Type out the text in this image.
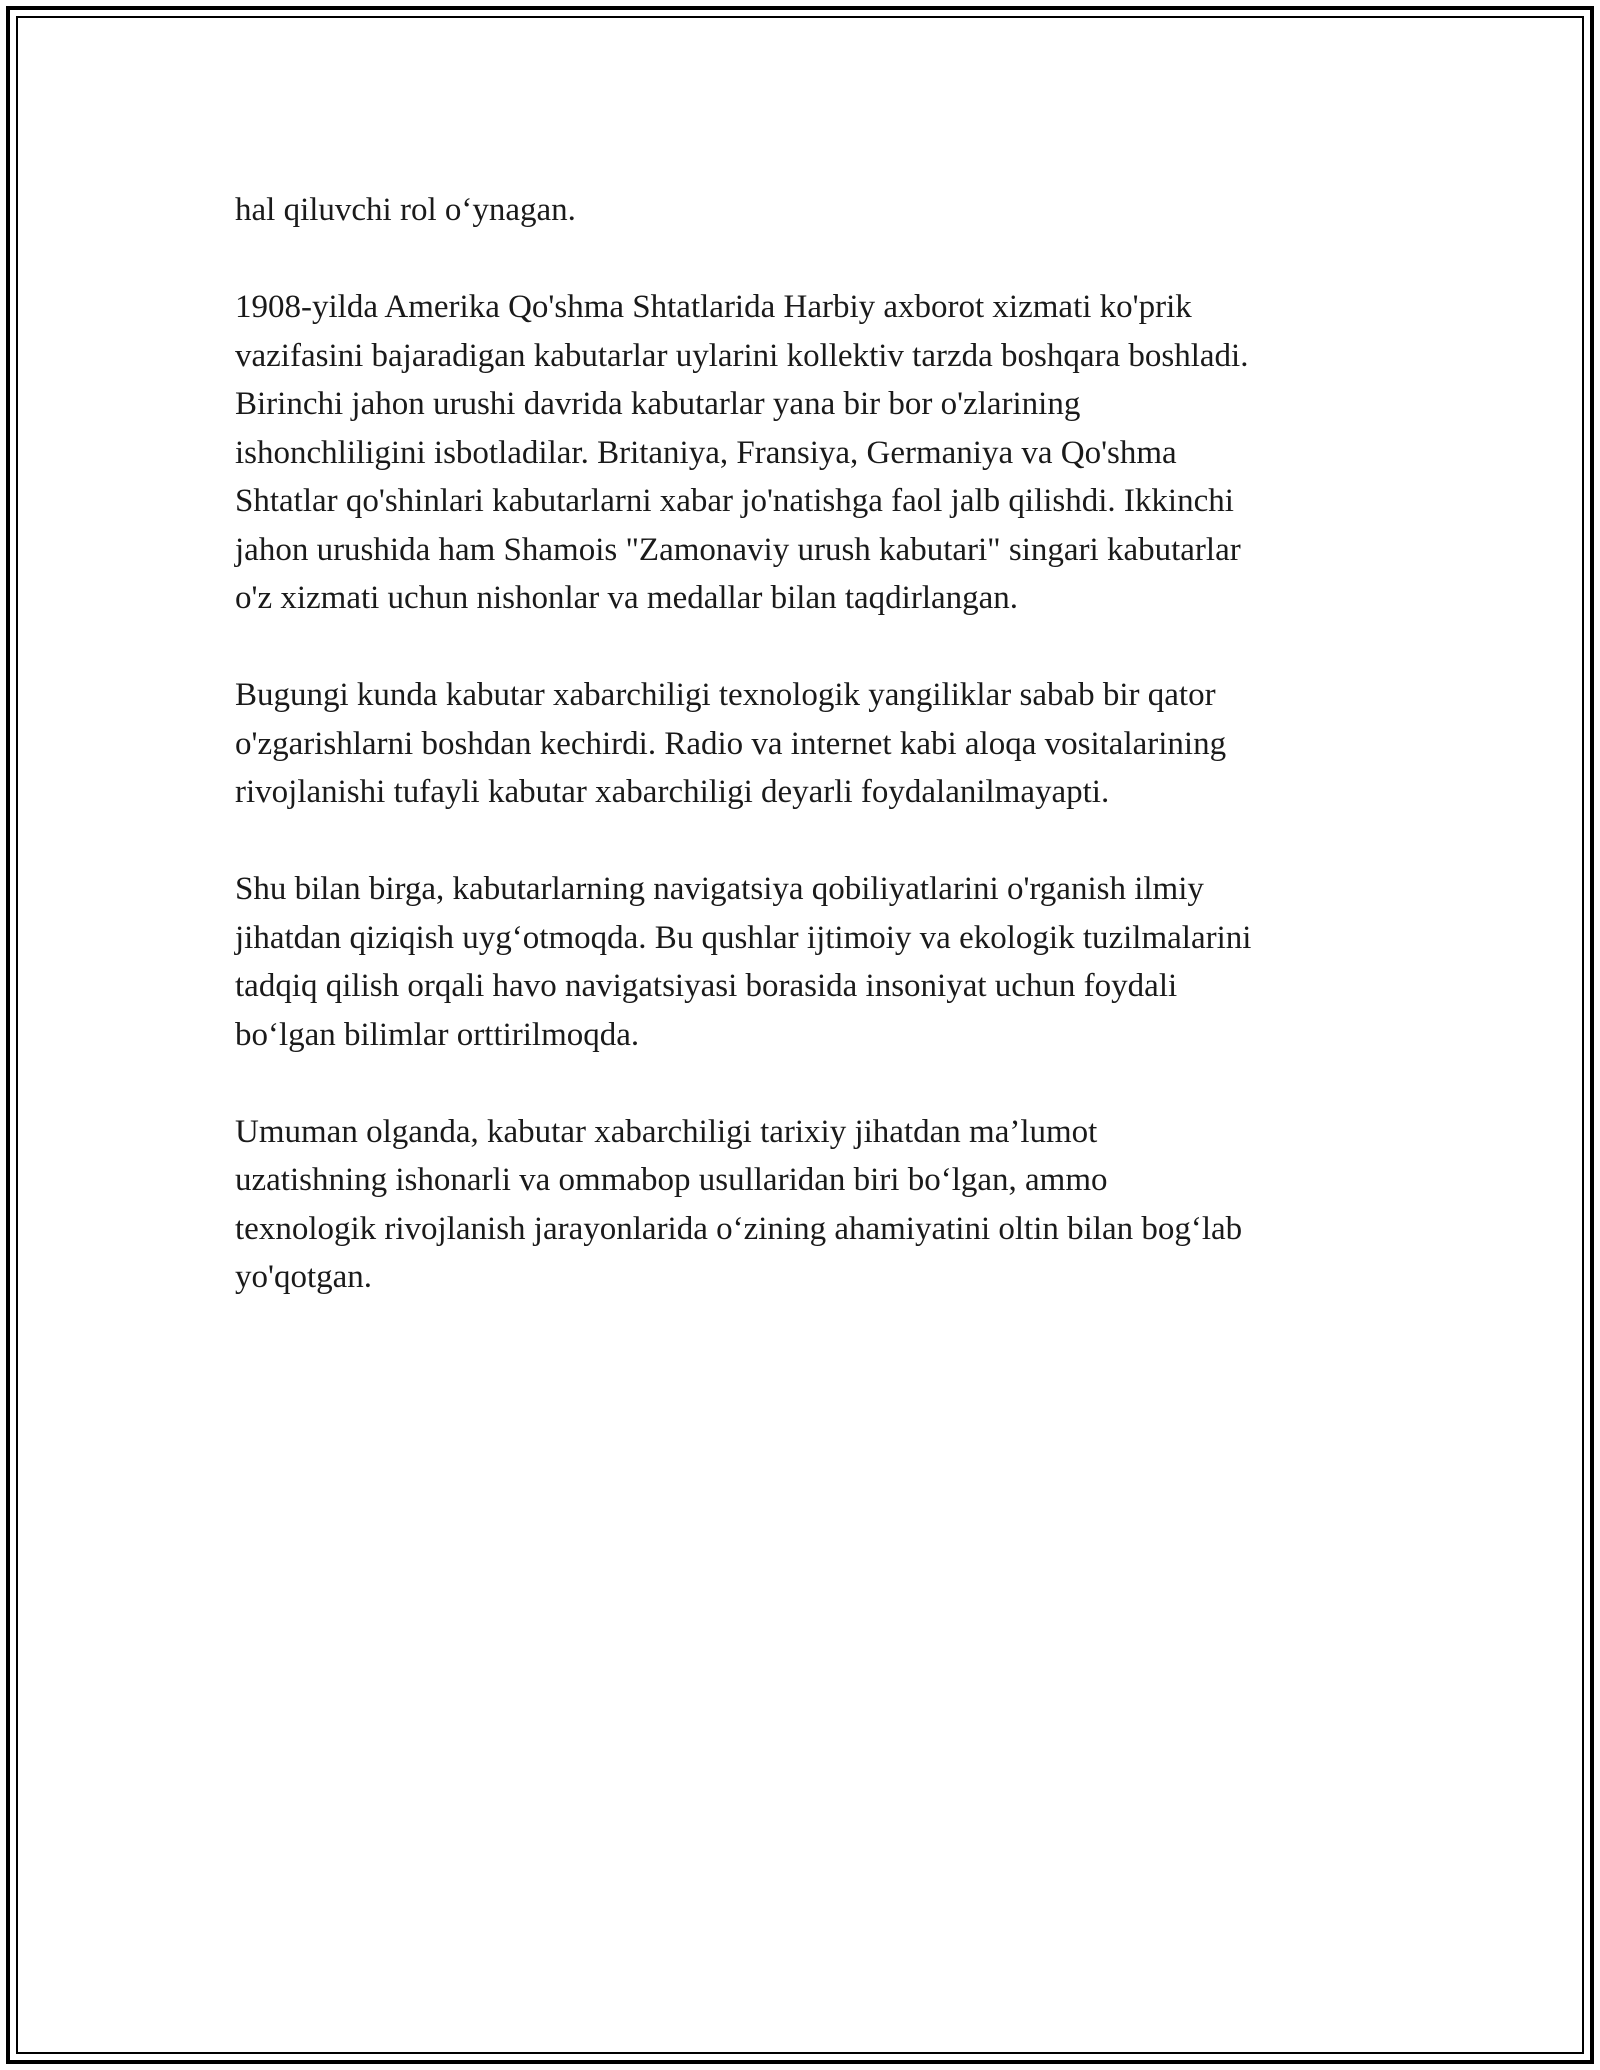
hal qiluvchi rol o‘ynagan.

1908-yilda Amerika Qo'shma Shtatlarida Harbiy axborot xizmati ko'prik
vazifasini bajaradigan kabutarlar uylarini kollektiv tarzda boshqara boshladi.
Birinchi jahon urushi davrida kabutarlar yana bir bor o'zlarining
ishonchliligini isbotladilar. Britaniya, Fransiya, Germaniya va Qo'shma
Shtatlar qo'shinlari kabutarlarni xabar jo'natishga faol jalb qilishdi. Ikkinchi
jahon urushida ham Shamois "Zamonaviy urush kabutari" singari kabutarlar
o'z xizmati uchun nishonlar va medallar bilan taqdirlangan.

Bugungi kunda kabutar xabarchiligi texnologik yangiliklar sabab bir qator
o'zgarishlarni boshdan kechirdi. Radio va internet kabi aloqa vositalarining
rivojlanishi tufayli kabutar xabarchiligi deyarli foydalanilmayapti.

Shu bilan birga, kabutarlarning navigatsiya qobiliyatlarini o'rganish ilmiy
jihatdan qiziqish uyg‘otmoqda. Bu qushlar ijtimoiy va ekologik tuzilmalarini
tadqiq qilish orqali havo navigatsiyasi borasida insoniyat uchun foydali
bo‘lgan bilimlar orttirilmoqda.

Umuman olganda, kabutar xabarchiligi tarixiy jihatdan ma’lumot
uzatishning ishonarli va ommabop usullaridan biri bo‘lgan, ammo
texnologik rivojlanish jarayonlarida o‘zining ahamiyatini oltin bilan bog‘lab
yo'qotgan.
